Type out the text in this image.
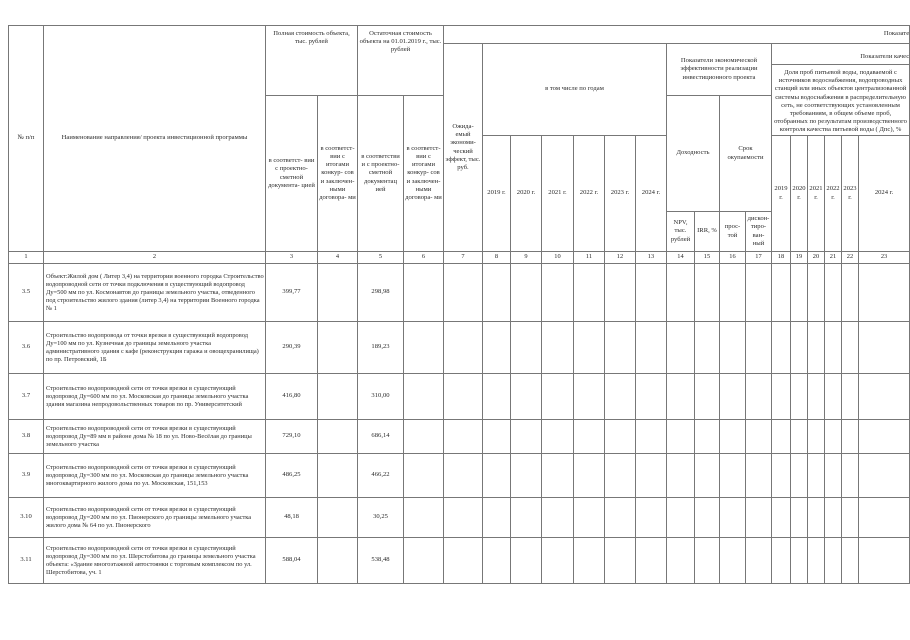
№ п/п	Наименование направления/ проекта инвестиционной программы	Полная стоимость объекта, тыс. рублей		Остаточная стоимость объекта на 01.01.2019 г., тыс. рублей		Показате																
						Ожида- емый экономи- ческий эффект, тыс. руб.	в том числе по годам						Показатели экономической эффективности реализации инвестиционного проекта				Показатели качес
Доля проб питьевой воды, подаваемой с источников водоснабжения, водопроводных станций или иных объектов централизованной системы водоснабжения в распределительную сеть, не соответствующих установленным требованиям, в общем объеме проб, отобранных по результатам производственного контроля качества питьевой воды ( Дпс), %					

		в соответст- вии с проектно- сметной документа- цией	в соответст- вии с итогами конкур- сов и заключен- ными договора- ми	в соответстви и с проектно- сметной документац ией	в соответст- вии с итогами конкур- сов и заключен- ными договора- ми								Доходность		Срок окупаемости							
							2019 г.	2020 г.	2021 г.	2022 г.	2023 г.	2024 г.					2019 г.	2020 г.	2021 г.	2022 г.	2023 г.	2024 г.
													NPV, тыс. рублей	IRR, %	прос- той	дискон- тиро- ван- ный						
1	2	3	4	5	6	7	8	9	10	11	12	13	14	15	16	17	18	19	20	21	22	23
3.5	Объект:Жилой дом ( Литер 3,4) на территории военного городка Строительство водопроводной сети от точки подключения в существующий водопровод Ду=500 мм по ул. Космонавтов до границы земельного участка, отведенного под строительство жилого здания (литер 3,4) на территории Военного городка № 1	399,77		298,98																		
3.6	Строительство водопровода от точки врезки в существующий водопровод Ду=100 мм по ул. Кузнечная до границы земельного участка административного здания с кафе (реконструкция гаража и овощехранилища) по пр. Петровский, 1Б	290,39		189,23																		
3.7	Строительство водопроводной сети от точки врезки в существующий водопровод Ду=600 мм по ул. Московская до границы земельного участка здания магазина непродовольственных товаров по пр. Университетский	416,80		310,00																		
3.8	Строительство водопроводной сети от точки врезки в существующий водопровод Ду=89 мм в районе дома № 18 по ул. Ново-Весёлая до границы земельного участка	729,10		686,14																		
3.9	Строительство водопроводной сети от точки врезки в существующий водопровод Ду=300 мм по ул. Московская до границы земельного участка многоквартирного жилого дома по ул. Московская, 151,153	486,25		466,22																		
3.10	Строительство водопроводной сети от точки врезки в существующий водопровод Ду=200 мм по ул. Пионерского до границы земельного участка жилого дома № 64 по ул. Пионерского	48,18		30,25																		
3.11	Строительство водопроводной сети от точки врезки в существующий водопровод Ду=300 мм по ул. Шерстобитова до границы земельного участка объекта: «Здание многоэтажной автостоянки с торговым комплексом по ул. Шерстобитова, уч. 1	588,04		538,48																		
